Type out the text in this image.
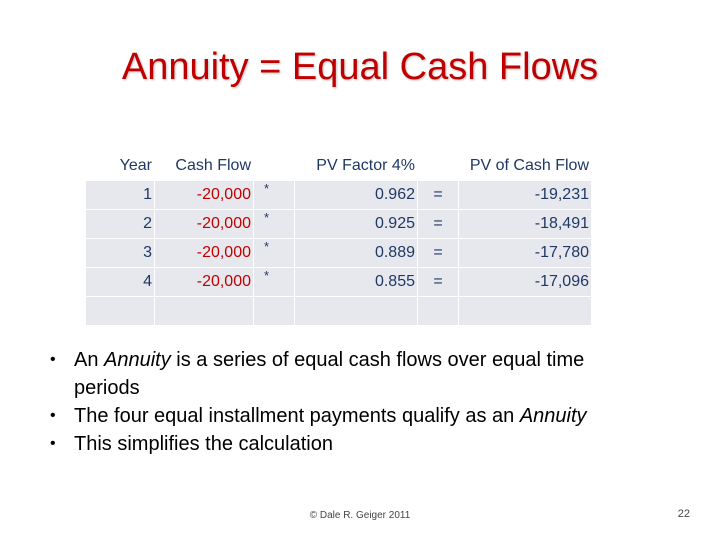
Annuity = Equal Cash Flows
Year	Cash Flow		PV Factor 4%		PV of Cash Flow
1	-20,000	*	0.962	=	-19,231
2	-20,000	*	0.925	=	-18,491
3	-20,000	*	0.889	=	-17,780
4	-20,000	*	0.855	=	-17,096

• An Annuity is a series of equal cash flows over equal time periods
• The four equal installment payments qualify as an Annuity
• This simplifies the calculation
© Dale R. Geiger 2011	22
